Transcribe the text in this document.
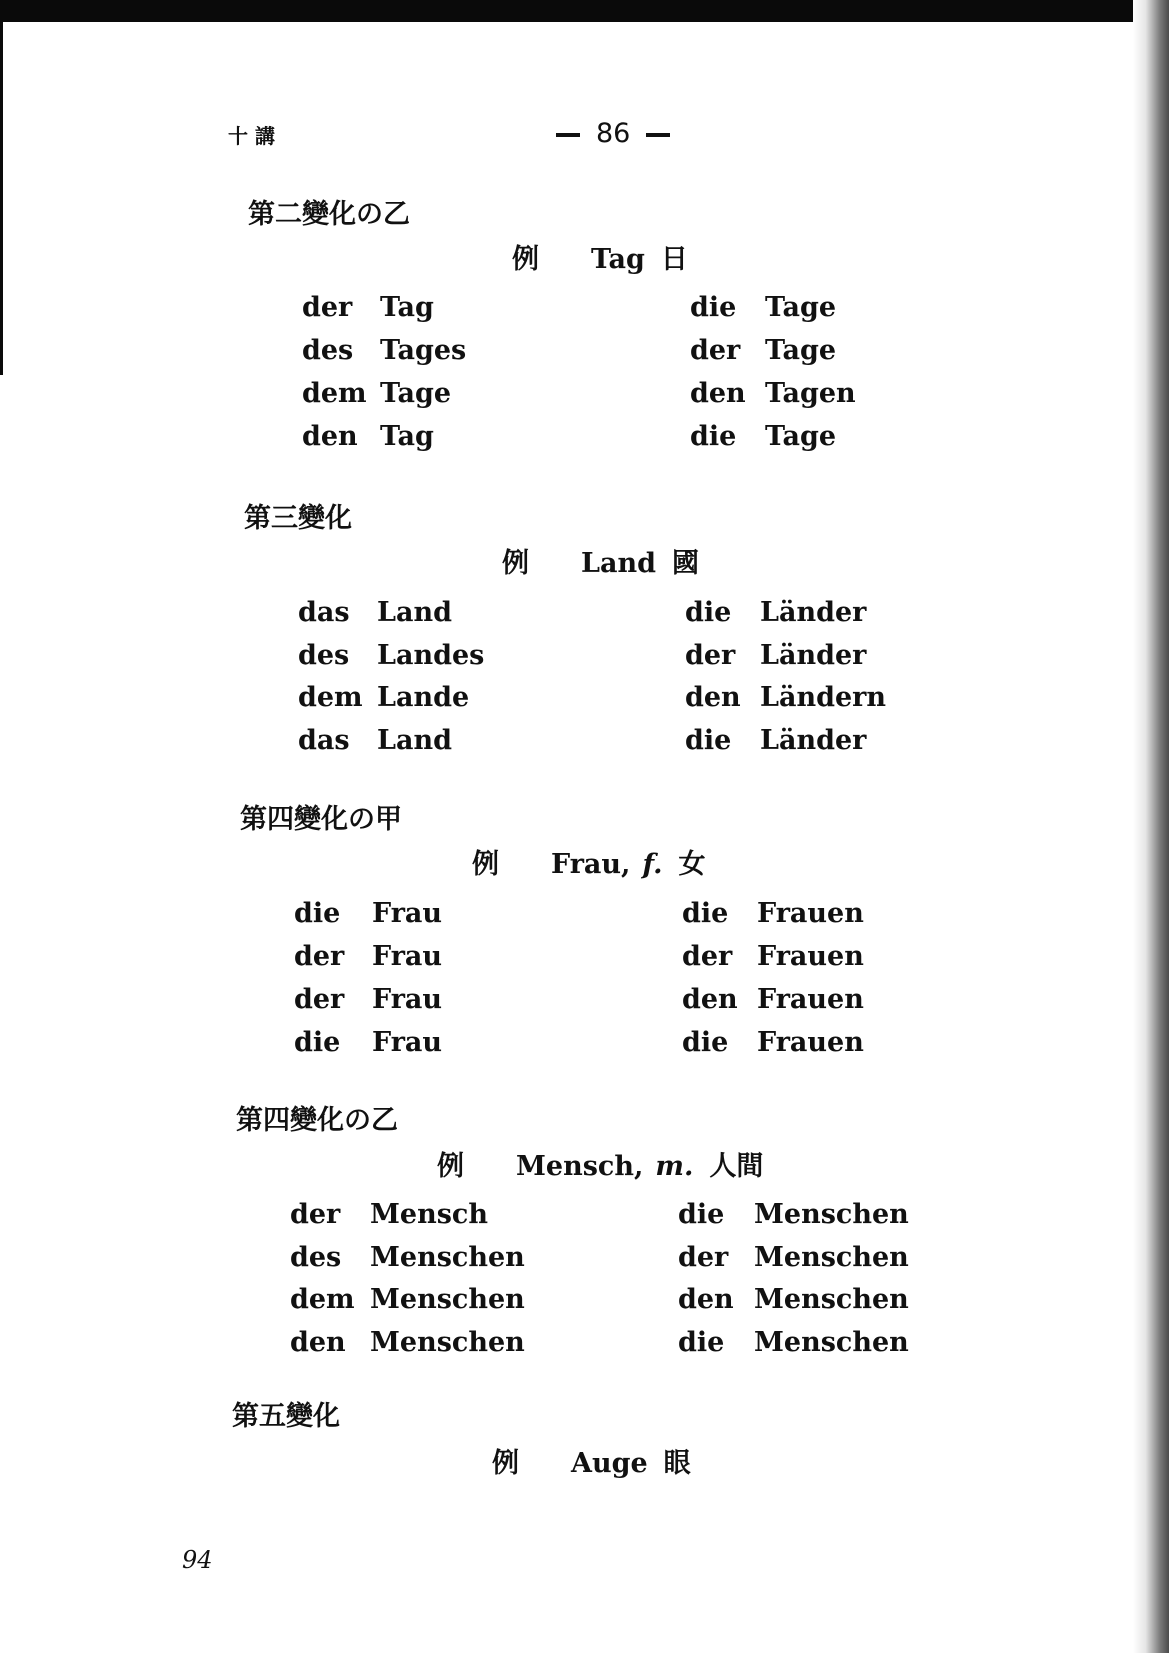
十 講	86
第二變化の乙
例 Tag 日
der Tag	die Tage
des Tages	der Tage
dem Tage	den Tagen
den Tag	die Tage
第三變化
例 Land 國
das Land	die Länder
des Landes	der Länder
dem Lande	den Ländern
das Land	die Länder
第四變化の甲
例 Frau, f. 女
die Frau	die Frauen
der Frau	der Frauen
der Frau	den Frauen
die Frau	die Frauen
第四變化の乙
例 Mensch, m. 人間
der Mensch	die Menschen
des Menschen	der Menschen
dem Menschen	den Menschen
den Menschen	die Menschen
第五變化
例 Auge 眼
94
